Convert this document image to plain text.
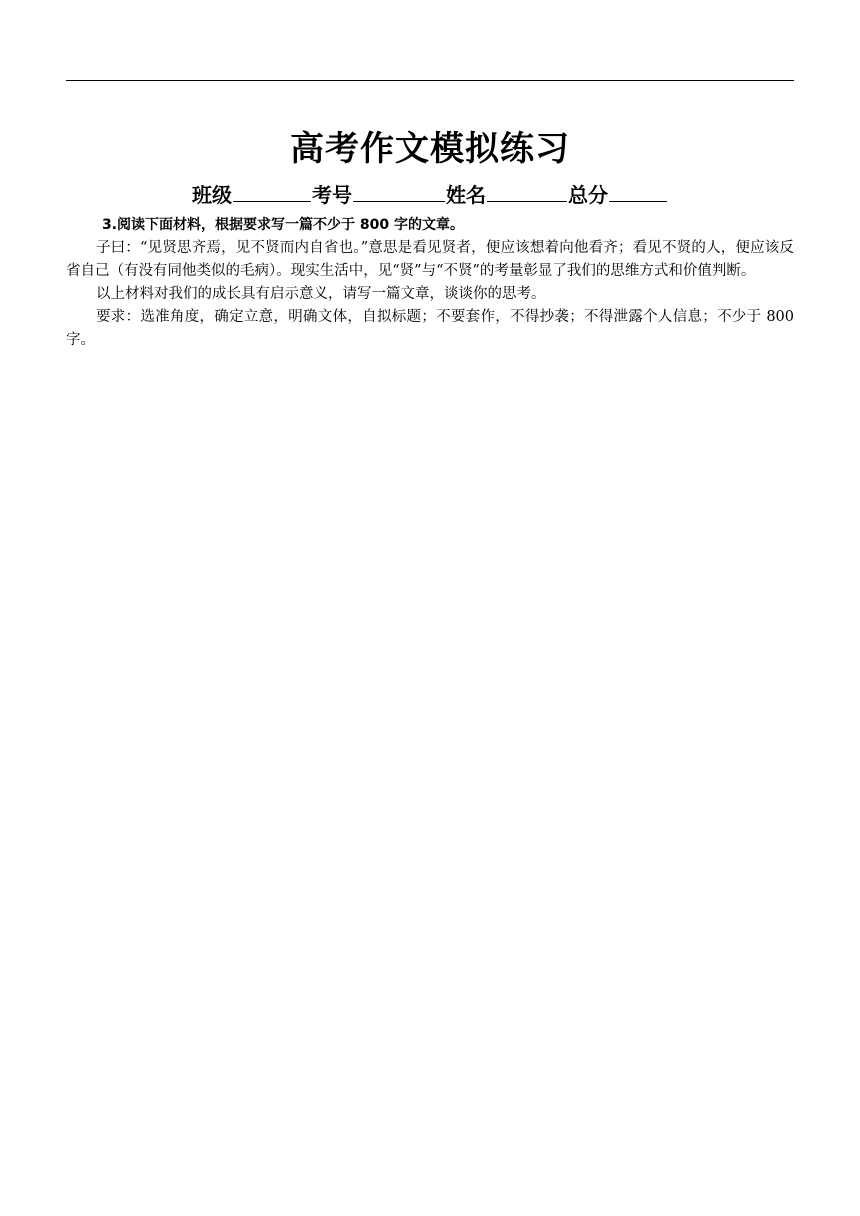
高考作文模拟练习
班级	考号	姓名	总分

3.阅读下面材料，根据要求写一篇不少于 800 字的文章。

子曰：“见贤思齐焉，见不贤而内自省也。”意思是看见贤者，便应该想着向他看齐；看见不贤的人，便应该反省自己（有没有同他类似的毛病）。现实生活中，见“贤”与“不贤”的考量彰显了我们的思维方式和价值判断。

以上材料对我们的成长具有启示意义，请写一篇文章，谈谈你的思考。

要求：选准角度，确定立意，明确文体，自拟标题；不要套作，不得抄袭；不得泄露个人信息；不少于 800 字。
